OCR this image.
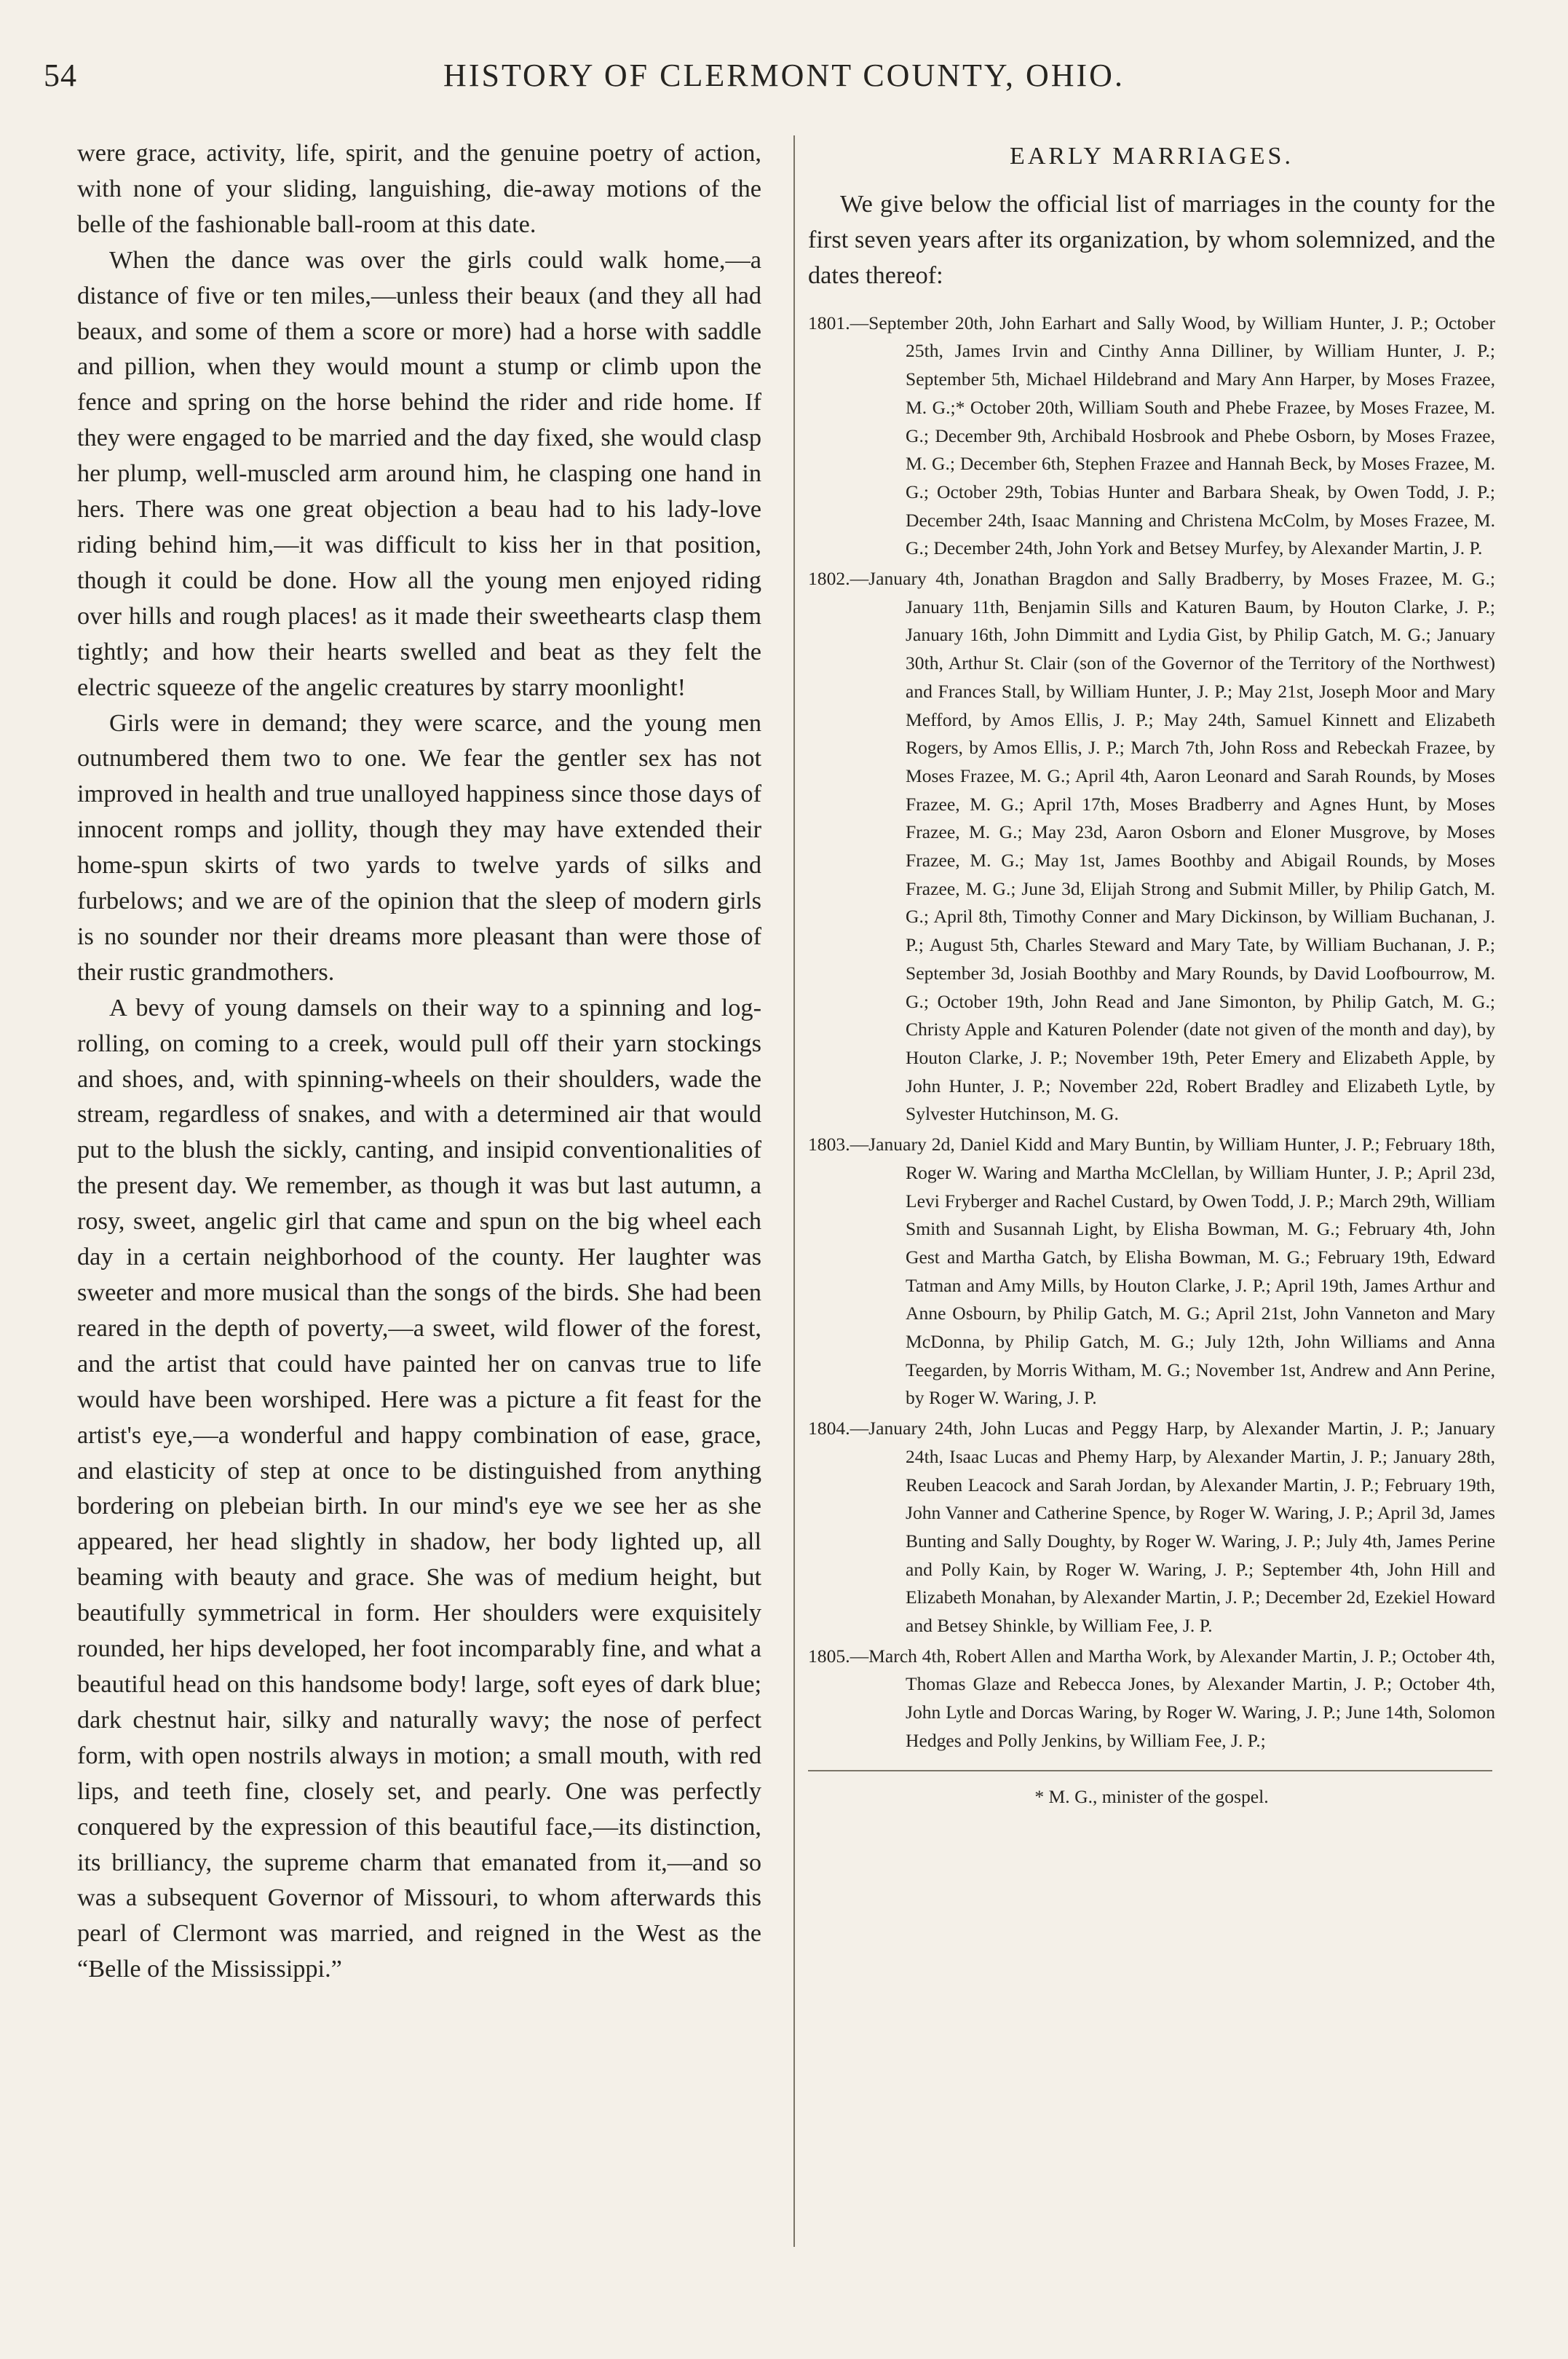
54	HISTORY OF CLERMONT COUNTY, OHIO.

were grace, activity, life, spirit, and the genuine poetry of action, with none of your sliding, languishing, die-away motions of the belle of the fashionable ball-room at this date.

When the dance was over the girls could walk home,—a distance of five or ten miles,—unless their beaux (and they all had beaux, and some of them a score or more) had a horse with saddle and pillion, when they would mount a stump or climb upon the fence and spring on the horse behind the rider and ride home. If they were engaged to be married and the day fixed, she would clasp her plump, well-muscled arm around him, he clasping one hand in hers. There was one great objection a beau had to his lady-love riding behind him,—it was difficult to kiss her in that position, though it could be done. How all the young men enjoyed riding over hills and rough places! as it made their sweethearts clasp them tightly; and how their hearts swelled and beat as they felt the electric squeeze of the angelic creatures by starry moonlight!

Girls were in demand; they were scarce, and the young men outnumbered them two to one. We fear the gentler sex has not improved in health and true unalloyed happiness since those days of innocent romps and jollity, though they may have extended their home-spun skirts of two yards to twelve yards of silks and furbelows; and we are of the opinion that the sleep of modern girls is no sounder nor their dreams more pleasant than were those of their rustic grandmothers.

A bevy of young damsels on their way to a spinning and log-rolling, on coming to a creek, would pull off their yarn stockings and shoes, and, with spinning-wheels on their shoulders, wade the stream, regardless of snakes, and with a determined air that would put to the blush the sickly, canting, and insipid conventionalities of the present day. We remember, as though it was but last autumn, a rosy, sweet, angelic girl that came and spun on the big wheel each day in a certain neighborhood of the county. Her laughter was sweeter and more musical than the songs of the birds. She had been reared in the depth of poverty,—a sweet, wild flower of the forest, and the artist that could have painted her on canvas true to life would have been worshiped. Here was a picture a fit feast for the artist's eye,—a wonderful and happy combination of ease, grace, and elasticity of step at once to be distinguished from anything bordering on plebeian birth. In our mind's eye we see her as she appeared, her head slightly in shadow, her body lighted up, all beaming with beauty and grace. She was of medium height, but beautifully symmetrical in form. Her shoulders were exquisitely rounded, her hips developed, her foot incomparably fine, and what a beautiful head on this handsome body! large, soft eyes of dark blue; dark chestnut hair, silky and naturally wavy; the nose of perfect form, with open nostrils always in motion; a small mouth, with red lips, and teeth fine, closely set, and pearly. One was perfectly conquered by the expression of this beautiful face,—its distinction, its brilliancy, the supreme charm that emanated from it,—and so was a subsequent Governor of Missouri, to whom afterwards this pearl of Clermont was married, and reigned in the West as the “Belle of the Mississippi.”

EARLY MARRIAGES.

We give below the official list of marriages in the county for the first seven years after its organization, by whom solemnized, and the dates thereof:

1801.—September 20th, John Earhart and Sally Wood, by William Hunter, J. P.; October 25th, James Irvin and Cinthy Anna Dilliner, by William Hunter, J. P.; September 5th, Michael Hildebrand and Mary Ann Harper, by Moses Frazee, M. G.;* October 20th, William South and Phebe Frazee, by Moses Frazee, M. G.; December 9th, Archibald Hosbrook and Phebe Osborn, by Moses Frazee, M. G.; December 6th, Stephen Frazee and Hannah Beck, by Moses Frazee, M. G.; October 29th, Tobias Hunter and Barbara Sheak, by Owen Todd, J. P.; December 24th, Isaac Manning and Christena McColm, by Moses Frazee, M. G.; December 24th, John York and Betsey Murfey, by Alexander Martin, J. P.

1802.—January 4th, Jonathan Bragdon and Sally Bradberry, by Moses Frazee, M. G.; January 11th, Benjamin Sills and Katuren Baum, by Houton Clarke, J. P.; January 16th, John Dimmitt and Lydia Gist, by Philip Gatch, M. G.; January 30th, Arthur St. Clair (son of the Governor of the Territory of the Northwest) and Frances Stall, by William Hunter, J. P.; May 21st, Joseph Moor and Mary Mefford, by Amos Ellis, J. P.; May 24th, Samuel Kinnett and Elizabeth Rogers, by Amos Ellis, J. P.; March 7th, John Ross and Rebeckah Frazee, by Moses Frazee, M. G.; April 4th, Aaron Leonard and Sarah Rounds, by Moses Frazee, M. G.; April 17th, Moses Bradberry and Agnes Hunt, by Moses Frazee, M. G.; May 23d, Aaron Osborn and Eloner Musgrove, by Moses Frazee, M. G.; May 1st, James Boothby and Abigail Rounds, by Moses Frazee, M. G.; June 3d, Elijah Strong and Submit Miller, by Philip Gatch, M. G.; April 8th, Timothy Conner and Mary Dickinson, by William Buchanan, J. P.; August 5th, Charles Steward and Mary Tate, by William Buchanan, J. P.; September 3d, Josiah Boothby and Mary Rounds, by David Loofbourrow, M. G.; October 19th, John Read and Jane Simonton, by Philip Gatch, M. G.; Christy Apple and Katuren Polender (date not given of the month and day), by Houton Clarke, J. P.; November 19th, Peter Emery and Elizabeth Apple, by John Hunter, J. P.; November 22d, Robert Bradley and Elizabeth Lytle, by Sylvester Hutchinson, M. G.

1803.—January 2d, Daniel Kidd and Mary Buntin, by William Hunter, J. P.; February 18th, Roger W. Waring and Martha McClellan, by William Hunter, J. P.; April 23d, Levi Fryberger and Rachel Custard, by Owen Todd, J. P.; March 29th, William Smith and Susannah Light, by Elisha Bowman, M. G.; February 4th, John Gest and Martha Gatch, by Elisha Bowman, M. G.; February 19th, Edward Tatman and Amy Mills, by Houton Clarke, J. P.; April 19th, James Arthur and Anne Osbourn, by Philip Gatch, M. G.; April 21st, John Vanneton and Mary McDonna, by Philip Gatch, M. G.; July 12th, John Williams and Anna Teegarden, by Morris Witham, M. G.; November 1st, Andrew and Ann Perine, by Roger W. Waring, J. P.

1804.—January 24th, John Lucas and Peggy Harp, by Alexander Martin, J. P.; January 24th, Isaac Lucas and Phemy Harp, by Alexander Martin, J. P.; January 28th, Reuben Leacock and Sarah Jordan, by Alexander Martin, J. P.; February 19th, John Vanner and Catherine Spence, by Roger W. Waring, J. P.; April 3d, James Bunting and Sally Doughty, by Roger W. Waring, J. P.; July 4th, James Perine and Polly Kain, by Roger W. Waring, J. P.; September 4th, John Hill and Elizabeth Monahan, by Alexander Martin, J. P.; December 2d, Ezekiel Howard and Betsey Shinkle, by William Fee, J. P.

1805.—March 4th, Robert Allen and Martha Work, by Alexander Martin, J. P.; October 4th, Thomas Glaze and Rebecca Jones, by Alexander Martin, J. P.; October 4th, John Lytle and Dorcas Waring, by Roger W. Waring, J. P.; June 14th, Solomon Hedges and Polly Jenkins, by William Fee, J. P.;

* M. G., minister of the gospel.
